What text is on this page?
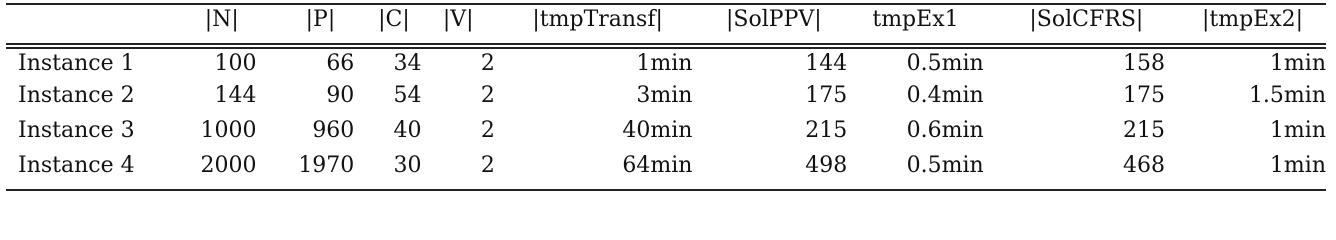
	|N|	|P|	|C|	|V|	|tmpTransf|	|SolPPV|	tmpEx1	|SolCFRS|	|tmpEx2|
Instance 1	100	66	34	2	1min	144	0.5min	158	1min
Instance 2	144	90	54	2	3min	175	0.4min	175	1.5min
Instance 3	1000	960	40	2	40min	215	0.6min	215	1min
Instance 4	2000	1970	30	2	64min	498	0.5min	468	1min
